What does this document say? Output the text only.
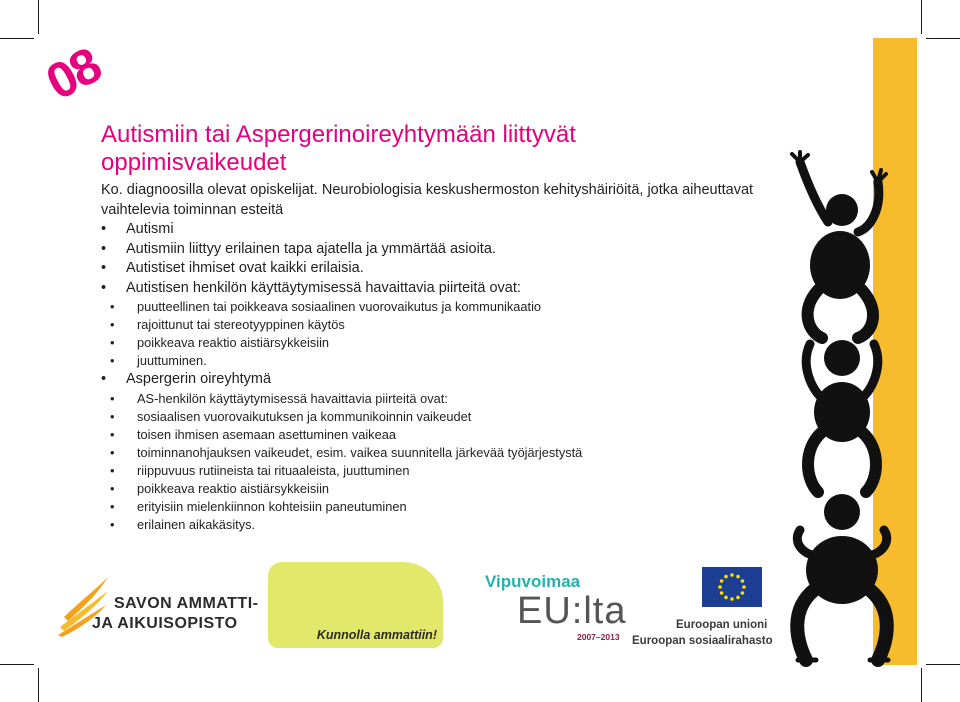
08
Autismiin tai Aspergerinoireyhtymään liittyvät oppimisvaikeudet

Ko. diagnoosilla olevat opiskelijat. Neurobiologisia keskushermoston kehityshäiriöitä, jotka aiheuttavat vaihtelevia toiminnan esteitä

• Autismi
• Autismiin liittyy erilainen tapa ajatella ja ymmärtää asioita.
• Autistiset ihmiset ovat kaikki erilaisia.
• Autistisen henkilön käyttäytymisessä havaittavia piirteitä ovat:
• puutteellinen tai poikkeava sosiaalinen vuorovaikutus ja kommunikaatio
• rajoittunut tai stereotyyppinen käytös
• poikkeava reaktio aistiärsykkeisiin
• juuttuminen.
• Aspergerin oireyhtymä
• AS-henkilön käyttäytymisessä havaittavia piirteitä ovat:
• sosiaalisen vuorovaikutuksen ja kommunikoinnin vaikeudet
• toisen ihmisen asemaan asettuminen vaikeaa
• toiminnanohjauksen vaikeudet, esim. vaikea suunnitella järkevää työjärjestystä
• riippuvuus rutiineista tai rituaaleista, juuttuminen
• poikkeava reaktio aistiärsykkeisiin
• erityisiin mielenkiinnon kohteisiin paneutuminen
• erilainen aikakäsitys.
SAVON AMMATTI-
JA AIKUISOPISTO
Kunnolla ammattiin!
Vipuvoimaa
EU:lta
2007–2013
Euroopan unioni
Euroopan sosiaalirahasto
